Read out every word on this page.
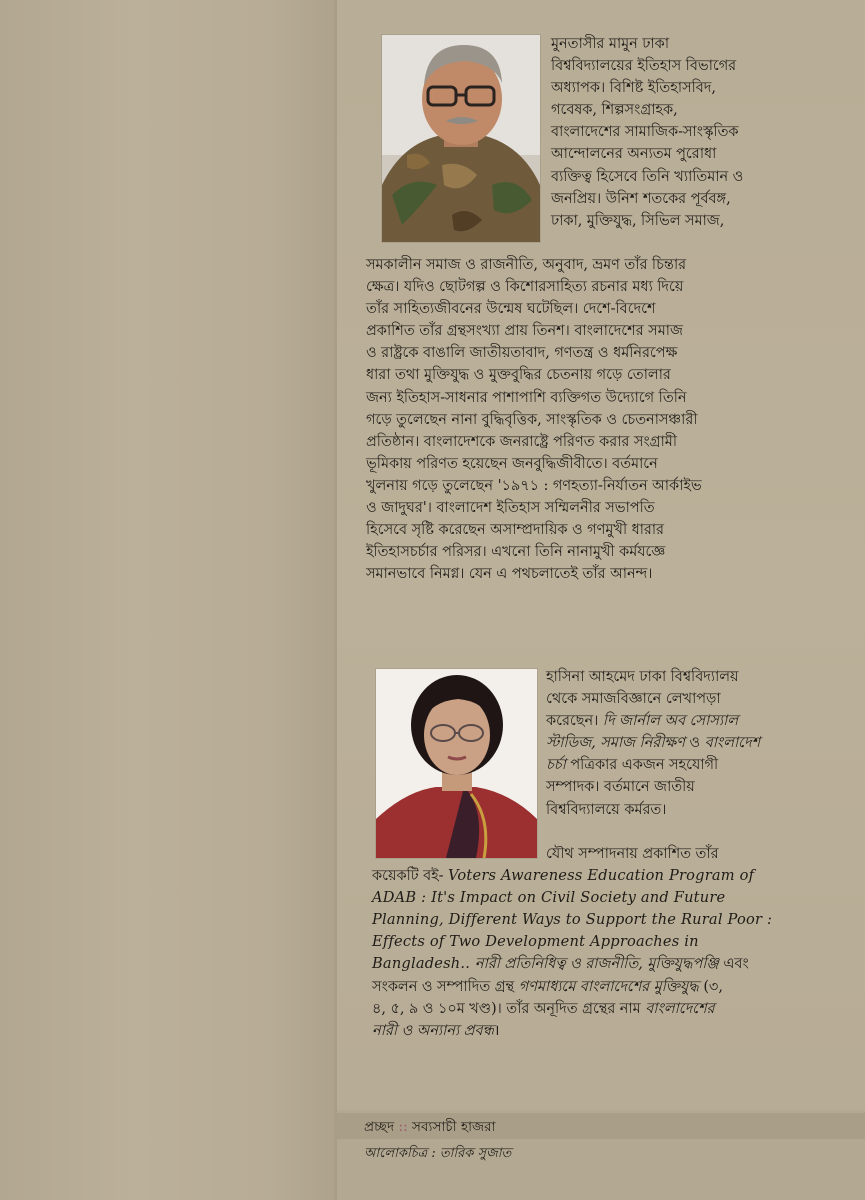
মুনতাসীর মামুন ঢাকা
বিশ্ববিদ্যালয়ের ইতিহাস বিভাগের
অধ্যাপক। বিশিষ্ট ইতিহাসবিদ,
গবেষক, শিল্পসংগ্রাহক,
বাংলাদেশের সামাজিক-সাংস্কৃতিক
আন্দোলনের অন্যতম পুরোধা
ব্যক্তিত্ব হিসেবে তিনি খ্যাতিমান ও
জনপ্রিয়। উনিশ শতকের পূর্ববঙ্গ,
ঢাকা, মুক্তিযুদ্ধ, সিভিল সমাজ,
সমকালীন সমাজ ও রাজনীতি, অনুবাদ, ভ্রমণ তাঁর চিন্তার
ক্ষেত্র। যদিও ছোটগল্প ও কিশোরসাহিত্য রচনার মধ্য দিয়ে
তাঁর সাহিত্যজীবনের উন্মেষ ঘটেছিল। দেশে-বিদেশে
প্রকাশিত তাঁর গ্রন্থসংখ্যা প্রায় তিনশ। বাংলাদেশের সমাজ
ও রাষ্ট্রকে বাঙালি জাতীয়তাবাদ, গণতন্ত্র ও ধর্মনিরপেক্ষ
ধারা তথা মুক্তিযুদ্ধ ও মুক্তবুদ্ধির চেতনায় গড়ে তোলার
জন্য ইতিহাস-সাধনার পাশাপাশি ব্যক্তিগত উদ্যোগে তিনি
গড়ে তুলেছেন নানা বুদ্ধিবৃত্তিক, সাংস্কৃতিক ও চেতনাসঞ্চারী
প্রতিষ্ঠান। বাংলাদেশকে জনরাষ্ট্রে পরিণত করার সংগ্রামী
ভূমিকায় পরিণত হয়েছেন জনবুদ্ধিজীবীতে। বর্তমানে
খুলনায় গড়ে তুলেছেন '১৯৭১ : গণহত্যা-নির্যাতন আর্কাইভ
ও জাদুঘর'। বাংলাদেশ ইতিহাস সম্মিলনীর সভাপতি
হিসেবে সৃষ্টি করেছেন অসাম্প্রদায়িক ও গণমুখী ধারার
ইতিহাসচর্চার পরিসর। এখনো তিনি নানামুখী কর্মযজ্ঞে
সমানভাবে নিমগ্ন। যেন এ পথচলাতেই তাঁর আনন্দ।
হাসিনা আহমেদ ঢাকা বিশ্ববিদ্যালয়
থেকে সমাজবিজ্ঞানে লেখাপড়া
করেছেন। দি জার্নাল অব সোস্যাল
স্টাডিজ, সমাজ নিরীক্ষণ ও বাংলাদেশ
চর্চা পত্রিকার একজন সহযোগী
সম্পাদক। বর্তমানে জাতীয়
বিশ্ববিদ্যালয়ে কর্মরত।
যৌথ সম্পাদনায় প্রকাশিত তাঁর
কয়েকটি বই- Voters Awareness Education Program of
ADAB : It's Impact on Civil Society and Future
Planning, Different Ways to Support the Rural Poor :
Effects of Two Development Approaches in
Bangladesh.. নারী প্রতিনিধিত্ব ও রাজনীতি, মুক্তিযুদ্ধপঞ্জি এবং
সংকলন ও সম্পাদিত গ্রন্থ গণমাধ্যমে বাংলাদেশের মুক্তিযুদ্ধ (৩,
৪, ৫, ৯ ও ১০ম খণ্ড)। তাঁর অনূদিত গ্রন্থের নাম বাংলাদেশের
নারী ও অন্যান্য প্রবন্ধ।
প্রচ্ছদ :: সব্যসাচী হাজরা
আলোকচিত্র : তারিক সুজাত
